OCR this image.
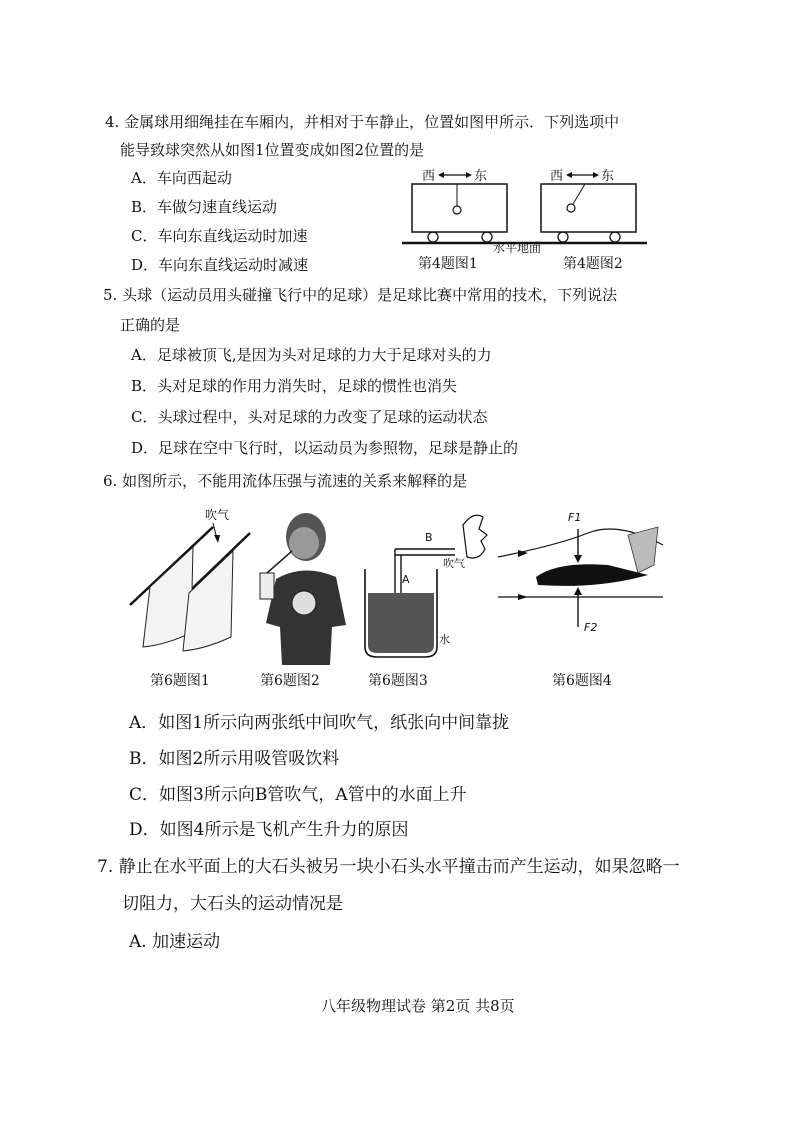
4. 金属球用细绳挂在车厢内，并相对于车静止，位置如图甲所示．下列选项中
能导致球突然从如图1位置变成如图2位置的是
A．车向西起动
B．车做匀速直线运动
C．车向东直线运动时加速
D．车向东直线运动时减速
西	东
第4题图1
水平地面
西	东
第4题图2
5. 头球（运动员用头碰撞飞行中的足球）是足球比赛中常用的技术，下列说法
正确的是
A．足球被顶飞,是因为头对足球的力大于足球对头的力
B．头对足球的作用力消失时，足球的惯性也消失
C．头球过程中，头对足球的力改变了足球的运动状态
D．足球在空中飞行时，以运动员为参照物，足球是静止的
6. 如图所示，不能用流体压强与流速的关系来解释的是
吹气
B
A
吹气
水
F1
F2
第6题图1	第6题图2	第6题图3	第6题图4
A．如图1所示向两张纸中间吹气，纸张向中间靠拢
B．如图2所示用吸管吸饮料
C．如图3所示向B管吹气，A管中的水面上升
D．如图4所示是飞机产生升力的原因
7. 静止在水平面上的大石头被另一块小石头水平撞击而产生运动，如果忽略一
切阻力，大石头的运动情况是
A. 加速运动
八年级物理试卷 第2页 共8页
